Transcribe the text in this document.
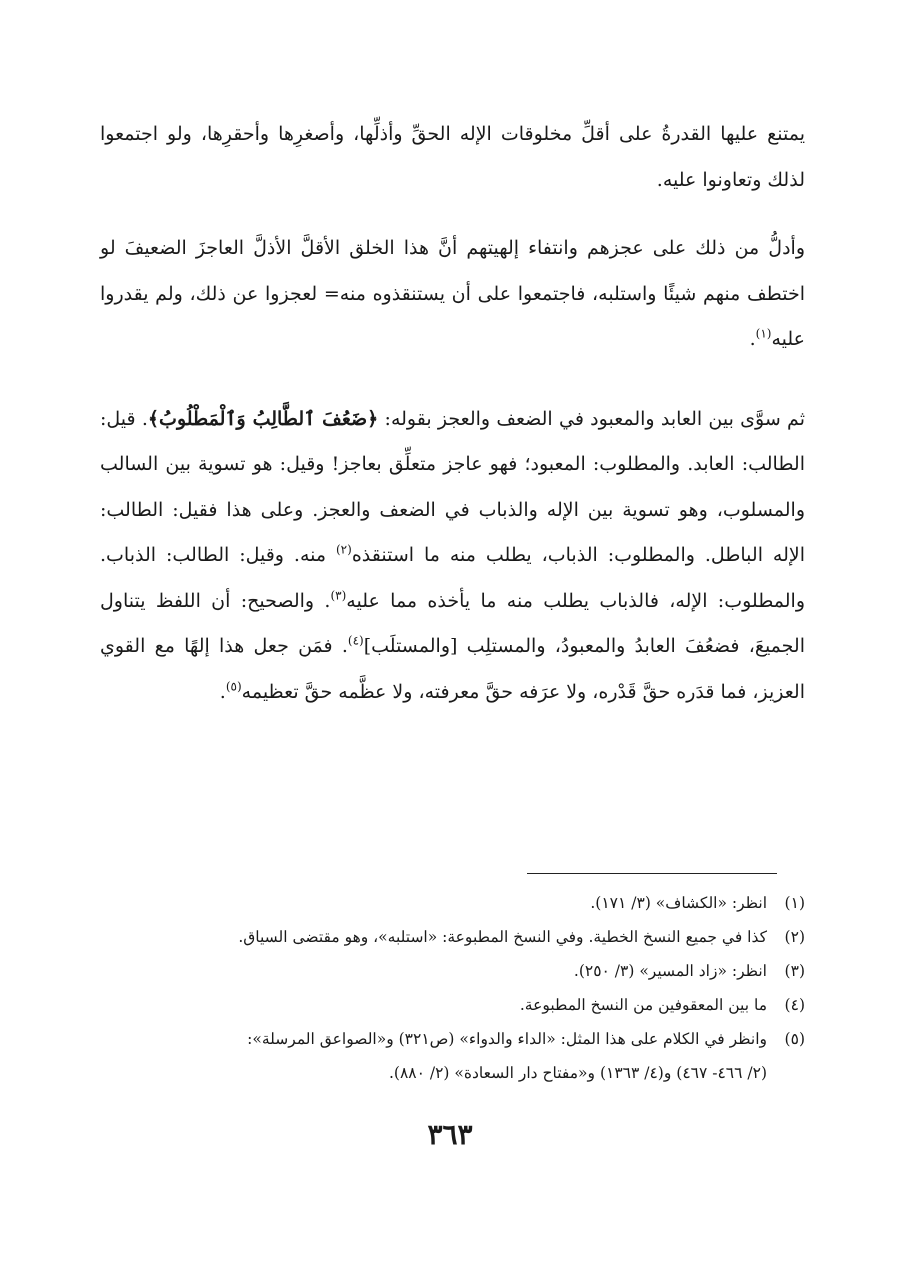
يمتنع عليها القدرةُ على أقلِّ مخلوقات الإله الحقِّ وأذلِّها، وأصغرِها وأحقرِها، ولو اجتمعوا لذلك وتعاونوا عليه.

وأدلُّ من ذلك على عجزهم وانتفاء إلهيتهم أنَّ هذا الخلق الأقلَّ الأذلَّ العاجزَ الضعيفَ لو اختطف منهم شيئًا واستلبه، فاجتمعوا على أن يستنقذوه منه= لعجزوا عن ذلك، ولم يقدروا عليه$^{(١)}$.

ثم سوَّى بين العابد والمعبود في الضعف والعجز بقوله: ﴿ضَعُفَ ٱلطَّالِبُ وَٱلْمَطْلُوبُ﴾. قيل: الطالب: العابد. والمطلوب: المعبود؛ فهو عاجز متعلِّق بعاجز! وقيل: هو تسوية بين السالب والمسلوب، وهو تسوية بين الإله والذباب في الضعف والعجز. وعلى هذا فقيل: الطالب: الإله الباطل. والمطلوب: الذباب، يطلب منه ما استنقذه$^{(٢)}$ منه. وقيل: الطالب: الذباب. والمطلوب: الإله، فالذباب يطلب منه ما يأخذه مما عليه$^{(٣)}$. والصحيح: أن اللفظ يتناول الجميعَ، فضعُفَ العابدُ والمعبودُ، والمستلِب [والمستلَب]$^{(٤)}$. فمَن جعل هذا إلهًا مع القوي العزيز، فما قدَره حقَّ قَدْره، ولا عرَفه حقَّ معرفته، ولا عظَّمه حقَّ تعظيمه$^{(٥)}$.

(١)
انظر: «الكشاف» (٣/ ١٧١).
(٢)
كذا في جميع النسخ الخطية. وفي النسخ المطبوعة: «استلبه»، وهو مقتضى السياق.
(٣)
انظر: «زاد المسير» (٣/ ٢٥٠).
(٤)
ما بين المعقوفين من النسخ المطبوعة.
(٥)
وانظر في الكلام على هذا المثل: «الداء والدواء» (ص٣٢١) و«الصواعق المرسلة»:
(٢/ ٤٦٦- ٤٦٧) و(٤/ ١٣٦٣) و«مفتاح دار السعادة» (٢/ ٨٨٠).
٣٦٣
